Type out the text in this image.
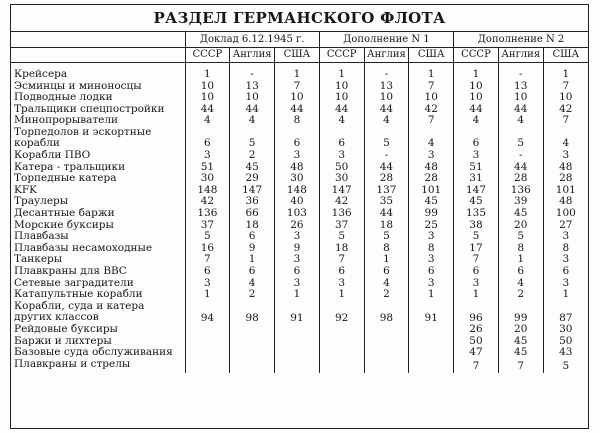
РАЗДЕЛ ГЕРМАНСКОГО ФЛОТА
	Доклад 6.12.1945 г.			Дополнение N 1			Дополнение N 2		
	СССР	Англия	США	СССР	Англия	США	СССР	Англия	США

Крейсера	1	-	1	1	-	1	1	-	1
Эсминцы и миноносцы	10	13	7	10	13	7	10	13	7
Подводные лодки	10	10	10	10	10	10	10	10	10
Тральщики спецпостройки	44	44	44	44	44	42	44	44	42
Минопрорыватели	4	4	8	4	4	7	4	4	7
Торпедолов и эскортные корабли	6	5	6	6	5	4	6	5	4
Корабли ПВО	3	2	3	3	-	3	3	-	3
Катера - тральщики	51	45	48	50	44	48	51	44	48
Торпедные катера	30	29	30	30	28	28	31	28	28
KFK	148	147	148	147	137	101	147	136	101
Траулеры	42	36	40	42	35	45	45	39	48
Десантные баржи	136	66	103	136	44	99	135	45	100
Морские буксиры	37	18	26	37	18	25	38	20	27
Плавбазы	5	6	3	5	5	3	5	5	3
Плавбазы несамоходные	16	9	9	18	8	8	17	8	8
Танкеры	7	1	3	7	1	3	7	1	3
Плавкраны для ВВС	6	6	6	6	6	6	6	6	6
Сетевые заградители	3	4	3	3	4	3	3	4	3
Катапультные корабли	1	2	1	1	2	1	1	2	1
Корабли, суда и катера других классов	94	98	91	92	98	91	96	99	87
Рейдовые буксиры							26	20	30
Баржи и лихтеры							50	45	50
Базовые суда обслуживания							47	45	43
Плавкраны и стрелы							7	7	5
